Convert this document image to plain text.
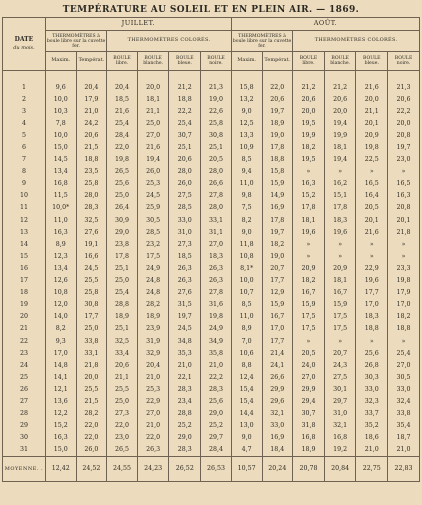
TEMPÉRATURE AU SOLEIL ET EN PLEIN AIR. — 1869.
DATE
du mois.	JUILLET.						AOÛT.					
	THERMOMÈTRES à boule libre sur la cuvette fer.		THERMOMÈTRES COLORÉS.				THERMOMÈTRES à boule libre sur la cuvette fer.		THERMOMÈTRES COLORÉS.			
	Maxim.	Températ.	BOULE libre.	BOULE blanche.	BOULE bleue.	BOULE noire.	Maxim.	Températ.	BOULE libre.	BOULE blanche.	BOULE bleue.	BOULE noire.

1	9,6	20,4	20,4	20,0	21,2	21,3	15,8	22,0	21,2	21,2	21,6	21,3
2	10,0	17,9	18,5	18,1	18,8	19,0	13,2	20,6	20,6	20,6	20,0	20,6
3	10,3	21,0	21,6	21,1	22,2	22,6	9,0	19,7	20,0	20,0	21,1	22,2
4	7,8	24,2	25,4	25,0	25,4	25,8	12,5	18,9	19,5	19,4	20,1	20,0
5	10,0	20,6	28,4	27,0	30,7	30,8	13,3	19,0	19,9	19,9	20,9	20,8
6	15,0	21,5	22,0	21,6	25,1	25,1	10,9	17,8	18,2	18,1	19,8	19,7
7	14,5	18,8	19,8	19,4	20,6	20,5	8,5	18,8	19,5	19,4	22,5	23,0
8	13,4	23,5	26,5	26,0	28,0	28,0	9,4	15,8	»	»	»	»
9	16,8	25,8	25,6	25,3	26,0	26,6	11,0	15,9	16,3	16,2	16,5	16,5
10	11,5	28,0	25,0	24,5	27,5	27,8	9,8	14,9	15,2	15,1	16,4	16,3
11	10,0*	28,3	26,4	25,9	28,5	28,0	7,5	16,9	17,8	17,8	20,5	20,8
12	11,0	32,5	30,9	30,5	33,0	33,1	8,2	17,8	18,1	18,3	20,1	20,1
13	16,3	27,6	29,0	28,5	31,0	31,1	9,0	19,7	19,6	19,6	21,6	21,8
14	8,9	19,1	23,8	23,2	27,3	27,0	11,8	18,2	»	»	»	»
15	12,3	16,6	17,8	17,5	18,5	18,3	10,8	19,0	»	»	»	»
16	13,4	24,5	25,1	24,9	26,3	26,3	8,1*	20,7	20,9	20,9	22,9	23,3
17	12,6	25,5	25,0	24,8	26,3	26,3	10,0	17,7	18,2	18,1	19,6	19,8
18	10,8	25,8	25,4	24,8	27,6	27,8	10,7	12,9	16,7	16,7	17,7	17,9
19	12,0	30,8	28,8	28,2	31,5	31,6	8,5	15,9	15,9	15,9	17,0	17,0
20	14,0	17,7	18,9	18,9	19,7	19,8	11,0	16,7	17,5	17,5	18,3	18,2
21	8,2	25,0	25,1	23,9	24,5	24,9	8,9	17,0	17,5	17,5	18,8	18,8
22	9,3	33,8	32,5	31,9	34,8	34,9	7,0	17,7	»	»	»	»
23	17,0	33,1	33,4	32,9	35,3	35,8	10,6	21,4	20,5	20,7	25,6	25,4
24	14,8	21,8	20,6	20,4	21,0	21,0	8,8	24,1	24,0	24,3	26,8	27,0
25	14,1	20,0	21,1	21,0	22,1	22,2	12,4	26,6	27,0	27,5	30,3	30,5
26	12,1	25,5	25,5	25,3	28,3	28,3	15,4	29,9	29,9	30,1	33,0	33,0
27	13,6	21,5	25,0	22,9	23,4	25,6	15,4	29,6	29,4	29,7	32,3	32,4
28	12,2	28,2	27,3	27,0	28,8	29,0	14,4	32,1	30,7	31,0	33,7	33,8
29	15,2	22,0	22,0	21,0	25,2	25,2	13,0	33,0	31,8	32,1	35,2	35,4
30	16,3	22,0	23,0	22,0	29,0	29,7	9,0	16,9	16,8	16,8	18,6	18,7
31	15,0	26,0	26,5	26,3	28,3	28,4	4,7	18,4	18,9	19,2	21,0	21,0
MOYENNE. .	12,42	24,52	24,55	24,23	26,52	26,53	10,57	20,24	20,78	20,84	22,75	22,83
